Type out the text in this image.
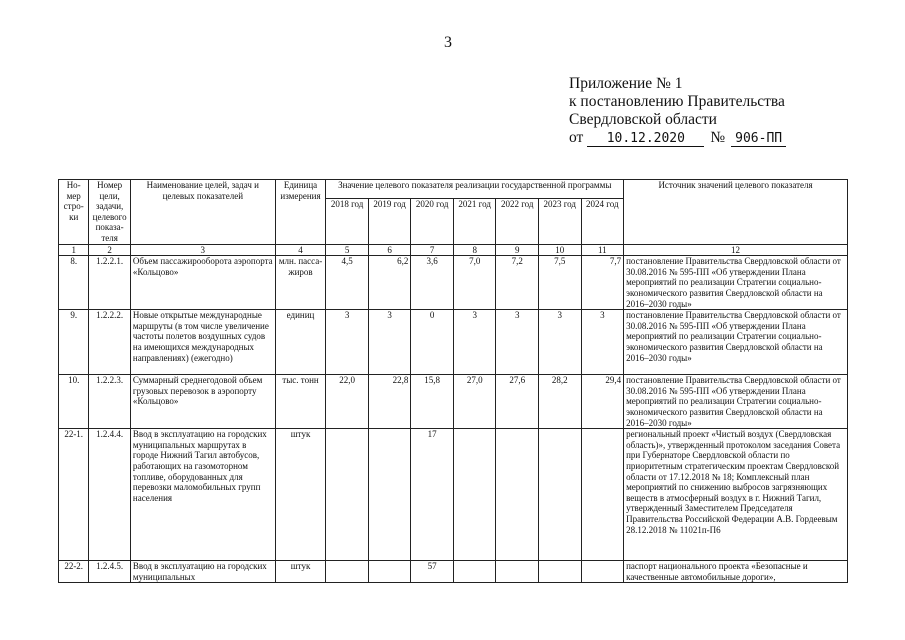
3
Приложение № 1
к постановлению Правительства
Свердловской области
от	10.12.2020	№ 906-ПП
Но-мер стро-ки	Номер цели, задачи, целевого показа-теля	Наименование целей, задач и целевых показателей	Единица измерения	Значение целевого показателя реализации государственной программы							Источник значений целевого показателя
				2018 год	2019 год	2020 год	2021 год	2022 год	2023 год	2024 год	
1	2	3	4	5	6	7	8	9	10	11	12
8.	1.2.2.1.	Объем пассажирооборота аэропорта «Кольцово»	млн. пасса-жиров	4,5	6,2	3,6	7,0	7,2	7,5	7,7	постановление Правительства Свердловской области от 30.08.2016 № 595-ПП «Об утверждении Плана мероприятий по реализации Стратегии социально-экономического развития Свердловской области на 2016–2030 годы»
9.	1.2.2.2.	Новые открытые международные маршруты (в том числе увеличение частоты полетов воздушных судов на имеющихся международных направлениях) (ежегодно)	единиц	3	3	0	3	3	3	3	постановление Правительства Свердловской области от 30.08.2016 № 595-ПП «Об утверждении Плана мероприятий по реализации Стратегии социально-экономического развития Свердловской области на 2016–2030 годы»
10.	1.2.2.3.	Суммарный среднегодовой объем грузовых перевозок в аэропорту «Кольцово»	тыс. тонн	22,0	22,8	15,8	27,0	27,6	28,2	29,4	постановление Правительства Свердловской области от 30.08.2016 № 595-ПП «Об утверждении Плана мероприятий по реализации Стратегии социально-экономического развития Свердловской области на 2016–2030 годы»
22-1.	1.2.4.4.	Ввод в эксплуатацию на городских муниципальных маршрутах в городе Нижний Тагил автобусов, работающих на газомоторном топливе, оборудованных для перевозки маломобильных групп населения	штук			17					региональный проект «Чистый воздух (Свердловская область)», утвержденный протоколом заседания Совета при Губернаторе Свердловской области по приоритетным стратегическим проектам Свердловской области от 17.12.2018 № 18; Комплексный план мероприятий по снижению выбросов загрязняющих веществ в атмосферный воздух в г. Нижний Тагил, утвержденный Заместителем Председателя Правительства Российской Федерации А.В. Гордеевым 28.12.2018 № 11021п-П6
22-2.	1.2.4.5.	Ввод в эксплуатацию на городских муниципальных	штук			57					паспорт национального проекта «Безопасные и качественные автомобильные дороги»,
